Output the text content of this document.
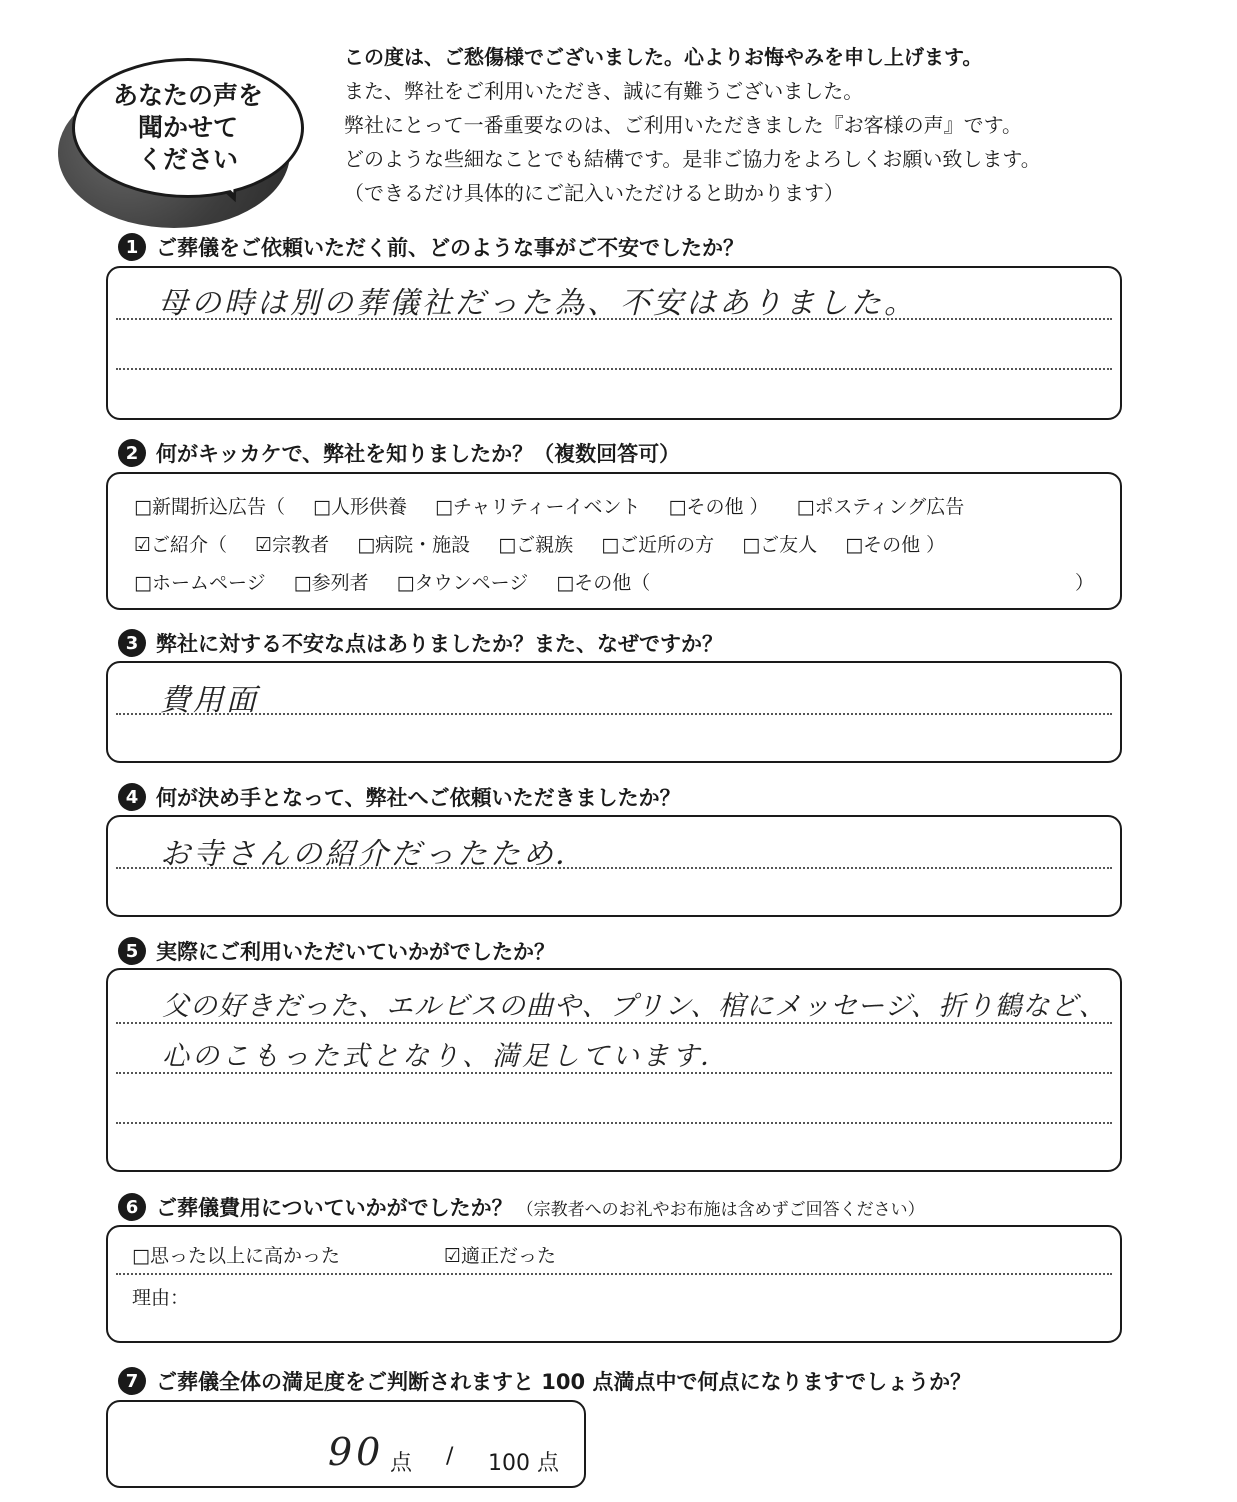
あなたの声を
聞かせて
ください
この度は、ご愁傷様でございました。心よりお悔やみを申し上げます。
また、弊社をご利用いただき、誠に有難うございました。
弊社にとって一番重要なのは、ご利用いただきました『お客様の声』です。
どのような些細なことでも結構です。是非ご協力をよろしくお願い致します。
（できるだけ具体的にご記入いただけると助かります）
1 ご葬儀をご依頼いただく前、どのような事がご不安でしたか？
母の時は別の葬儀社だった為、不安はありました。
2 何がキッカケで、弊社を知りましたか？（複数回答可）
□新聞折込広告（ □人形供養 □チャリティーイベント □その他 ） □ポスティング広告
☑ご紹介（ ☑宗教者 □病院・施設 □ご親族 □ご近所の方 □ご友人 □その他 ）
□ホームページ □参列者 □タウンページ □その他（	）
3 弊社に対する不安な点はありましたか？また、なぜですか？
費用面
4 何が決め手となって、弊社へご依頼いただきましたか？
お寺さんの紹介だったため．
5 実際にご利用いただいていかがでしたか？
父の好きだった、エルビスの曲や、プリン、棺にメッセージ、折り鶴など、
心のこもった式となり、満足しています．
6 ご葬儀費用についていかがでしたか？ （宗教者へのお礼やお布施は含めずご回答ください）
□思った以上に高かった	☑適正だった
理由：
7 ご葬儀全体の満足度をご判断されますと 100 点満点中で何点になりますでしょうか？
90 点 / 100 点
